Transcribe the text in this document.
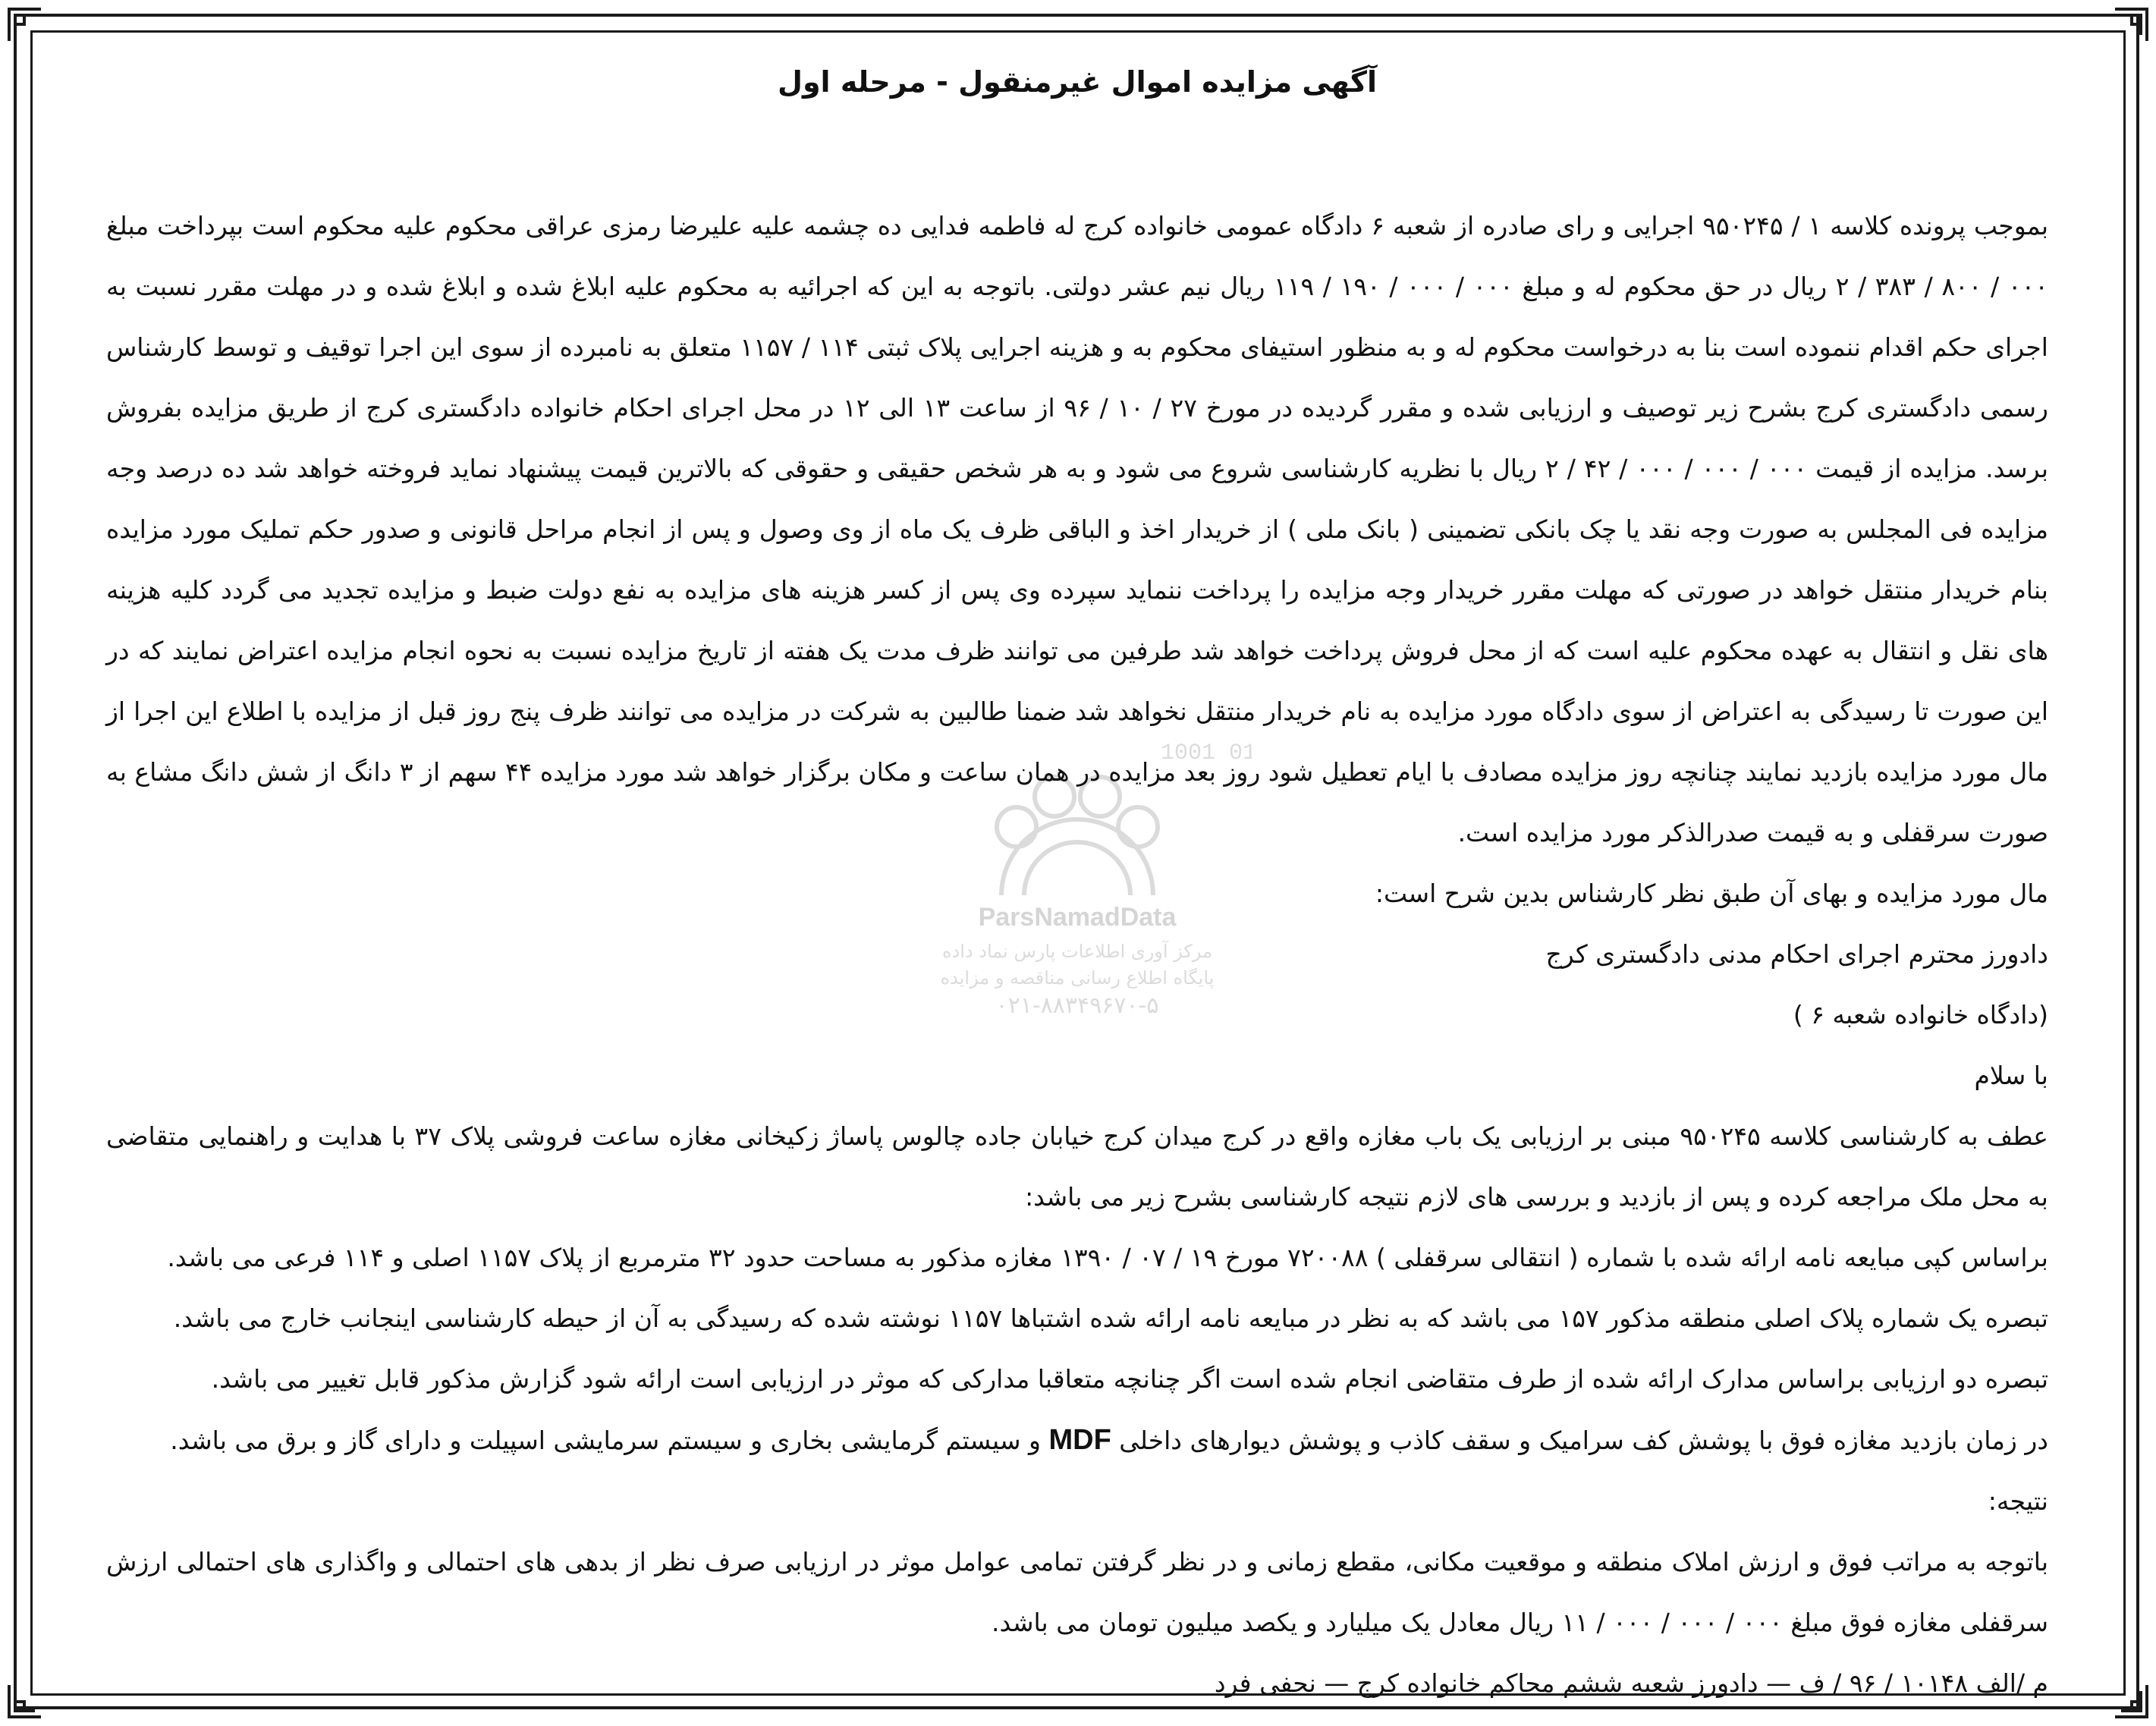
1001 01
ParsNamadData
مرکز آوری اطلاعات پارس نماد داده
پایگاه اطلاع رسانی مناقصه و مزایده
۰۲۱-۸۸۳۴۹۶۷۰-۵
آگهی مزایده اموال غیرمنقول - مرحله اول

بموجب پرونده کلاسه ۱ / ۹۵۰۲۴۵ اجرایی و رای صادره از شعبه ۶ دادگاه عمومی خانواده کرج له فاطمه فدایی ده چشمه علیه علیرضا رمزی عراقی محکوم علیه محکوم است بپرداخت مبلغ ۰۰۰ / ۸۰۰ / ۳۸۳ / ۲ ریال در حق محکوم له و مبلغ ۰۰۰ / ۰۰۰ / ۱۹۰ / ۱۱۹ ریال نیم عشر دولتی. باتوجه به این که اجرائیه به محکوم علیه ابلاغ شده و ابلاغ شده و در مهلت مقرر نسبت به اجرای حکم اقدام ننموده است بنا به درخواست محکوم له و به منظور استیفای محکوم به و هزینه اجرایی پلاک ثبتی ۱۱۴ / ۱۱۵۷ متعلق به نامبرده از سوی این اجرا توقیف و توسط کارشناس رسمی دادگستری کرج بشرح زیر توصیف و ارزیابی شده و مقرر گردیده در مورخ ۲۷ / ۱۰ / ۹۶ از ساعت ۱۳ الی ۱۲ در محل اجرای احکام خانواده دادگستری کرج از طریق مزایده بفروش برسد. مزایده از قیمت ۰۰۰ / ۰۰۰ / ۰۰۰ / ۴۲ / ۲ ریال با نظریه کارشناسی شروع می شود و به هر شخص حقیقی و حقوقی که بالاترین قیمت پیشنهاد نماید فروخته خواهد شد ده درصد وجه مزایده فی المجلس به صورت وجه نقد یا چک بانکی تضمینی ( بانک ملی ) از خریدار اخذ و الباقی ظرف یک ماه از وی وصول و پس از انجام مراحل قانونی و صدور حکم تملیک مورد مزایده بنام خریدار منتقل خواهد در صورتی که مهلت مقرر خریدار وجه مزایده را پرداخت ننماید سپرده وی پس از کسر هزینه های مزایده به نفع دولت ضبط و مزایده تجدید می گردد کلیه هزینه های نقل و انتقال به عهده محکوم علیه است که از محل فروش پرداخت خواهد شد طرفین می توانند ظرف مدت یک هفته از تاریخ مزایده نسبت به نحوه انجام مزایده اعتراض نمایند که در این صورت تا رسیدگی به اعتراض از سوی دادگاه مورد مزایده به نام خریدار منتقل نخواهد شد ضمنا طالبین به شرکت در مزایده می توانند ظرف پنج روز قبل از مزایده با اطلاع این اجرا از مال مورد مزایده بازدید نمایند چنانچه روز مزایده مصادف با ایام تعطیل شود روز بعد مزایده در همان ساعت و مکان برگزار خواهد شد مورد مزایده ۴۴ سهم از ۳ دانگ از شش دانگ مشاع به صورت سرقفلی و به قیمت صدرالذکر مورد مزایده است.

مال مورد مزایده و بهای آن طبق نظر کارشناس بدین شرح است:

دادورز محترم اجرای احکام مدنی دادگستری کرج

(دادگاه خانواده شعبه ۶ )

با سلام

عطف به کارشناسی کلاسه ۹۵۰۲۴۵ مبنی بر ارزیابی یک باب مغازه واقع در کرج میدان کرج خیابان جاده چالوس پاساژ زکیخانی مغازه ساعت فروشی پلاک ۳۷ با هدایت و راهنمایی متقاضی به محل ملک مراجعه کرده و پس از بازدید و بررسی های لازم نتیجه کارشناسی بشرح زیر می باشد:

براساس کپی مبایعه نامه ارائه شده با شماره ( انتقالی سرقفلی ) ۷۲۰۰۸۸ مورخ ۱۹ / ۰۷ / ۱۳۹۰ مغازه مذکور به مساحت حدود ۳۲ مترمربع از پلاک ۱۱۵۷ اصلی و ۱۱۴ فرعی می باشد.

تبصره یک شماره پلاک اصلی منطقه مذکور ۱۵۷ می باشد که به نظر در مبایعه نامه ارائه شده اشتباها ۱۱۵۷ نوشته شده که رسیدگی به آن از حیطه کارشناسی اینجانب خارج می باشد.

تبصره دو ارزیابی براساس مدارک ارائه شده از طرف متقاضی انجام شده است اگر چنانچه متعاقبا مدارکی که موثر در ارزیابی است ارائه شود گزارش مذکور قابل تغییر می باشد.

در زمان بازدید مغازه فوق با پوشش کف سرامیک و سقف کاذب و پوشش دیوارهای داخلی MDF و سیستم گرمایشی بخاری و سیستم سرمایشی اسپیلت و دارای گاز و برق می باشد.

نتیجه:

باتوجه به مراتب فوق و ارزش املاک منطقه و موقعیت مکانی، مقطع زمانی و در نظر گرفتن تمامی عوامل موثر در ارزیابی صرف نظر از بدهی های احتمالی و واگذاری های احتمالی ارزش سرقفلی مغازه فوق مبلغ ۰۰۰ / ۰۰۰ / ۰۰۰ / ۱۱ ریال معادل یک میلیارد و یکصد میلیون تومان می باشد.

م /الف ۱۰۱۴۸ / ۹۶ / ف — دادورز شعبه ششم محاکم خانواده کرج — نجفی فرد
